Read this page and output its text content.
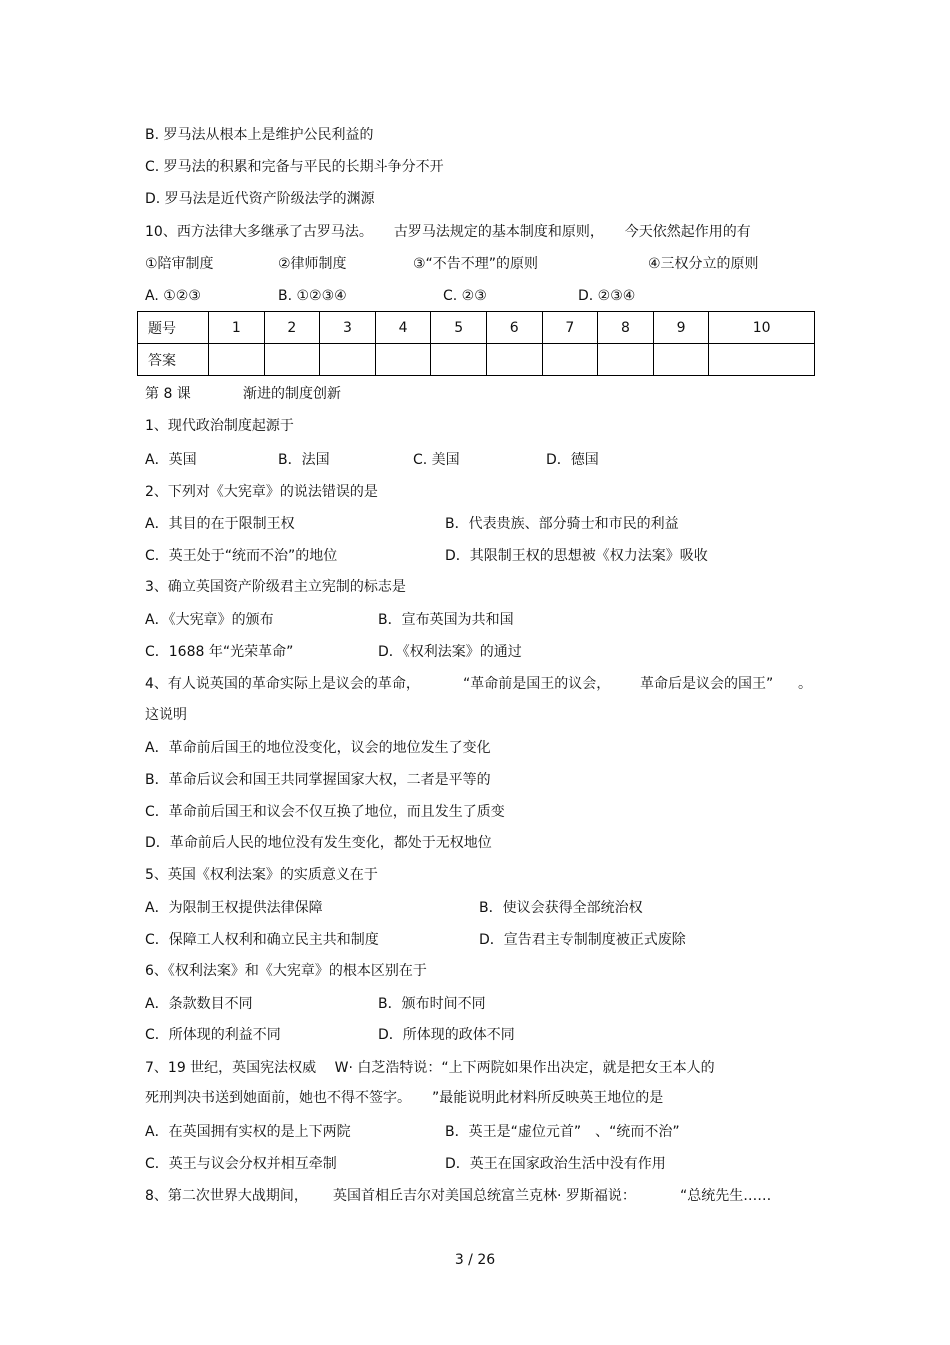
B. 罗马法从根本上是维护公民利益的
C. 罗马法的积累和完备与平民的长期斗争分不开
D. 罗马法是近代资产阶级法学的渊源
10、西方法律大多继承了古罗马法。　　古罗马法规定的基本制度和原则，　　今天依然起作用的有
①陪审制度	②律师制度	③“不告不理”的原则	④三权分立的原则
A. ①②③	B. ①②③④	C. ②③	D. ②③④
题号	1	2	3	4	5	6	7	8	9	10
答案										
第 8 课	渐进的制度创新
1、现代政治制度起源于
A．英国	B．法国	C. 美国	D．德国
2、下列对《大宪章》的说法错误的是
A．其目的在于限制王权	B．代表贵族、部分骑士和市民的利益
C．英王处于“统而不治”的地位	D．其限制王权的思想被《权力法案》吸收
3、确立英国资产阶级君主立宪制的标志是
A．《大宪章》的颁布	B．宣布英国为共和国
C．1688 年“光荣革命”	D．《权利法案》的通过
4、有人说英国的革命实际上是议会的革命，	“革命前是国王的议会， 革命后是议会的国王” 。
这说明
A．革命前后国王的地位没变化，议会的地位发生了变化
B．革命后议会和国王共同掌握国家大权，二者是平等的
C．革命前后国王和议会不仅互换了地位，而且发生了质变
D．革命前后人民的地位没有发生变化，都处于无权地位
5、英国《权利法案》的实质意义在于
A．为限制王权提供法律保障	B．使议会获得全部统治权
C．保障工人权利和确立民主共和制度	D．宣告君主专制制度被正式废除
6、《权利法案》和《大宪章》的根本区别在于
A．条款数目不同	B．颁布时间不同
C．所体现的利益不同	D．所体现的政体不同
7、19 世纪，英国宪法权威　 W· 白芝浩特说：“上下两院如果作出决定，就是把女王本人的
死刑判决书送到她面前，她也不得不签字。　　”最能说明此材料所反映英王地位的是
A．在英国拥有实权的是上下两院	B．英王是“虚位元首”　、“统而不治”
C．英王与议会分权并相互牵制	D．英王在国家政治生活中没有作用
8、第二次世界大战期间， 英国首相丘吉尔对美国总统富兰克林· 罗斯福说：	“总统先生……
3 / 26
